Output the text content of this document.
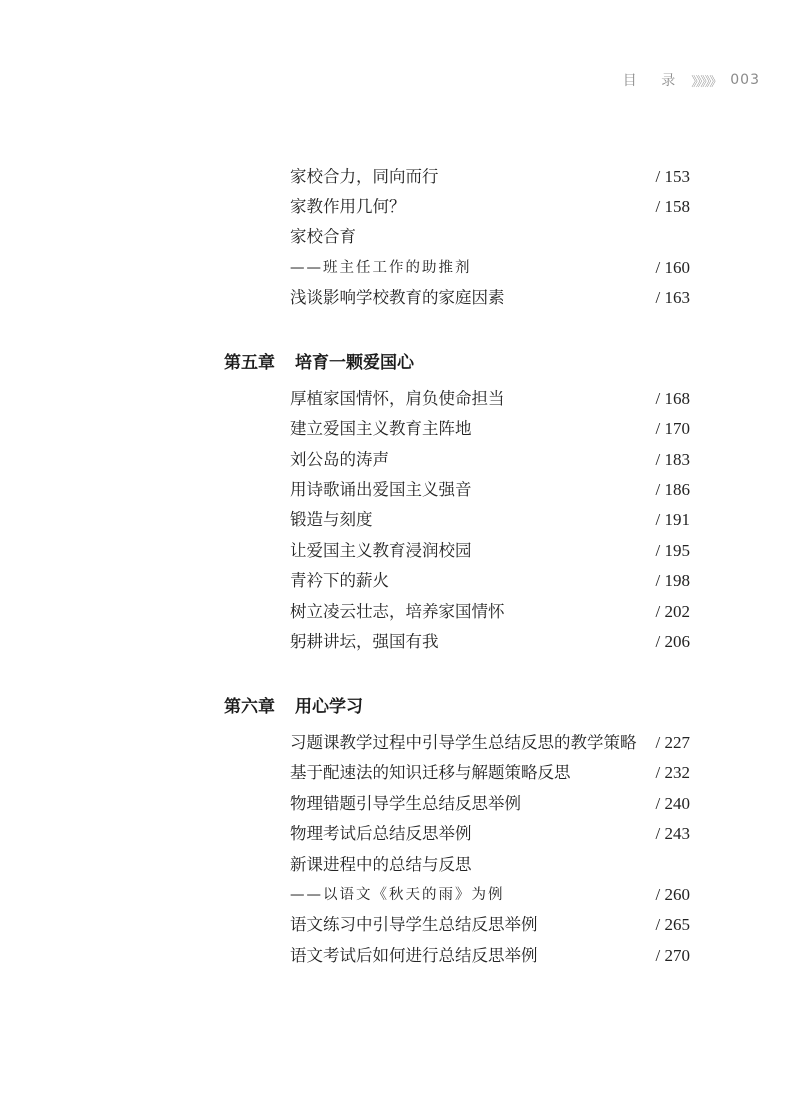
目 录 》》》》》 003
家校合力，同向而行	/ 153
家教作用几何？	/ 158
家校合育
——班主任工作的助推剂	/ 160
浅谈影响学校教育的家庭因素	/ 163
第五章 培育一颗爱国心
厚植家国情怀，肩负使命担当	/ 168
建立爱国主义教育主阵地	/ 170
刘公岛的涛声	/ 183
用诗歌诵出爱国主义强音	/ 186
锻造与刻度	/ 191
让爱国主义教育浸润校园	/ 195
青衿下的薪火	/ 198
树立凌云壮志，培养家国情怀	/ 202
躬耕讲坛，强国有我	/ 206
第六章 用心学习
习题课教学过程中引导学生总结反思的教学策略 / 227
基于配速法的知识迁移与解题策略反思	/ 232
物理错题引导学生总结反思举例	/ 240
物理考试后总结反思举例	/ 243
新课进程中的总结与反思
——以语文《秋天的雨》为例	/ 260
语文练习中引导学生总结反思举例	/ 265
语文考试后如何进行总结反思举例	/ 270
